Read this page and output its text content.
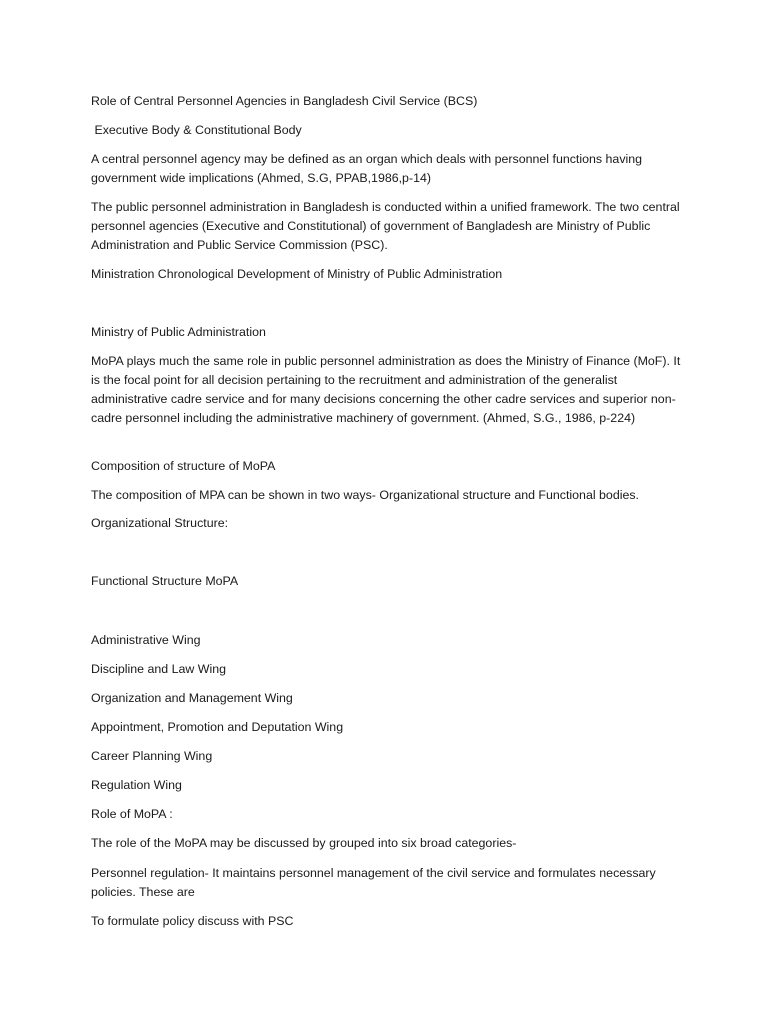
Role of Central Personnel Agencies in Bangladesh Civil Service (BCS)

Executive Body & Constitutional Body

A central personnel agency may be defined as an organ which deals with personnel functions having government wide implications (Ahmed, S.G, PPAB,1986,p-14)

The public personnel administration in Bangladesh is conducted within a unified framework. The two central personnel agencies (Executive and Constitutional) of government of Bangladesh are Ministry of Public Administration and Public Service Commission (PSC).

Ministration Chronological Development of Ministry of Public Administration

Ministry of Public Administration

MoPA plays much the same role in public personnel administration as does the Ministry of Finance (MoF). It is the focal point for all decision pertaining to the recruitment and administration of the generalist administrative cadre service and for many decisions concerning the other cadre services and superior non-cadre personnel including the administrative machinery of government. (Ahmed, S.G., 1986, p-224)

Composition of structure of MoPA

The composition of MPA can be shown in two ways- Organizational structure and Functional bodies.

Organizational Structure:

Functional Structure MoPA

Administrative Wing

Discipline and Law Wing

Organization and Management Wing

Appointment, Promotion and Deputation Wing

Career Planning Wing

Regulation Wing

Role of MoPA :

The role of the MoPA may be discussed by grouped into six broad categories-

Personnel regulation- It maintains personnel management of the civil service and formulates necessary policies. These are

To formulate policy discuss with PSC
